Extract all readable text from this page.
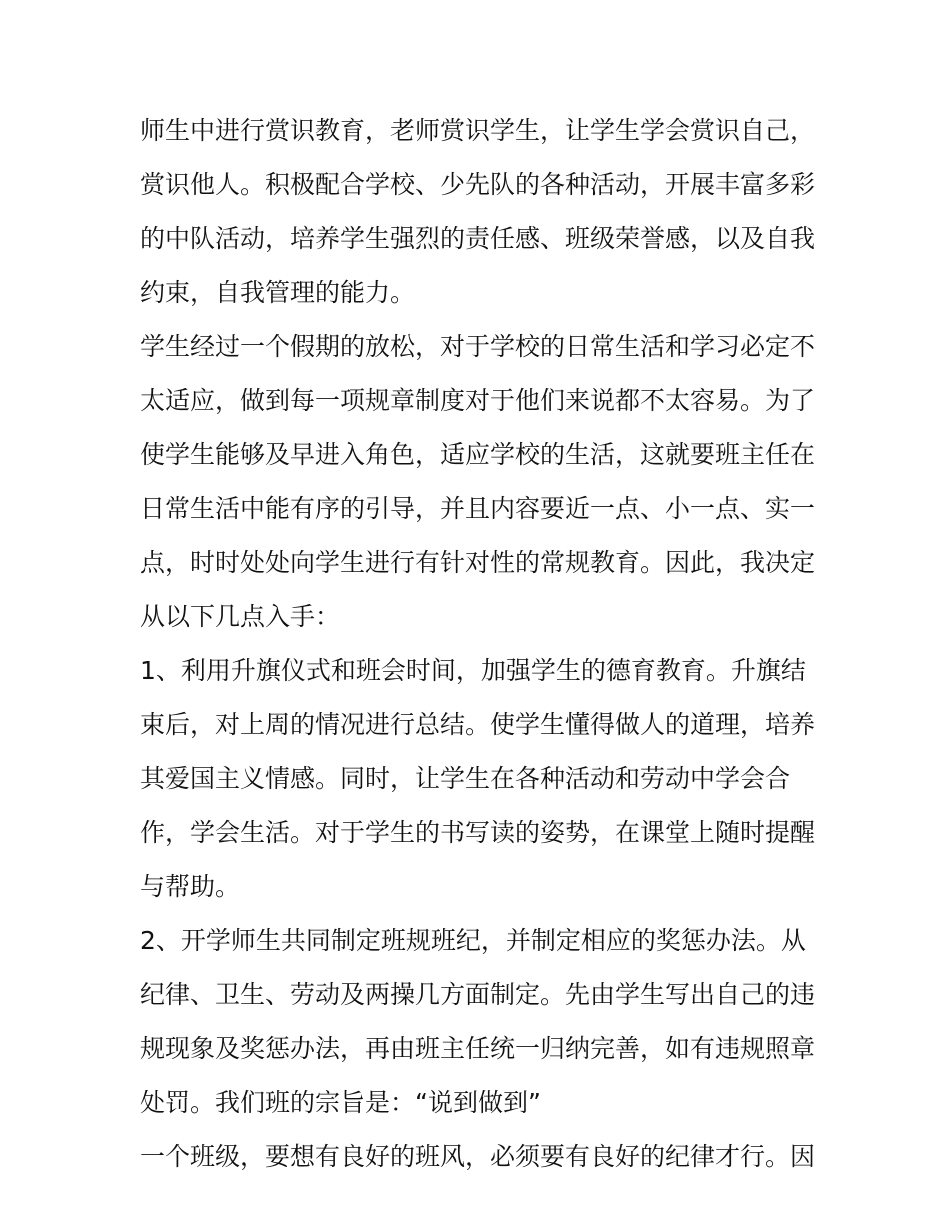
师生中进行赏识教育，老师赏识学生，让学生学会赏识自己，
赏识他人。积极配合学校、少先队的各种活动，开展丰富多彩
的中队活动，培养学生强烈的责任感、班级荣誉感，以及自我
约束，自我管理的能力。
学生经过一个假期的放松，对于学校的日常生活和学习必定不
太适应，做到每一项规章制度对于他们来说都不太容易。为了
使学生能够及早进入角色，适应学校的生活，这就要班主任在
日常生活中能有序的引导，并且内容要近一点、小一点、实一
点，时时处处向学生进行有针对性的常规教育。因此，我决定
从以下几点入手：
1、利用升旗仪式和班会时间，加强学生的德育教育。升旗结
束后，对上周的情况进行总结。使学生懂得做人的道理，培养
其爱国主义情感。同时，让学生在各种活动和劳动中学会合
作，学会生活。对于学生的书写读的姿势，在课堂上随时提醒
与帮助。
2、开学师生共同制定班规班纪，并制定相应的奖惩办法。从
纪律、卫生、劳动及两操几方面制定。先由学生写出自己的违
规现象及奖惩办法，再由班主任统一归纳完善，如有违规照章
处罚。我们班的宗旨是：“说到做到”
一个班级，要想有良好的班风，必须要有良好的纪律才行。因
